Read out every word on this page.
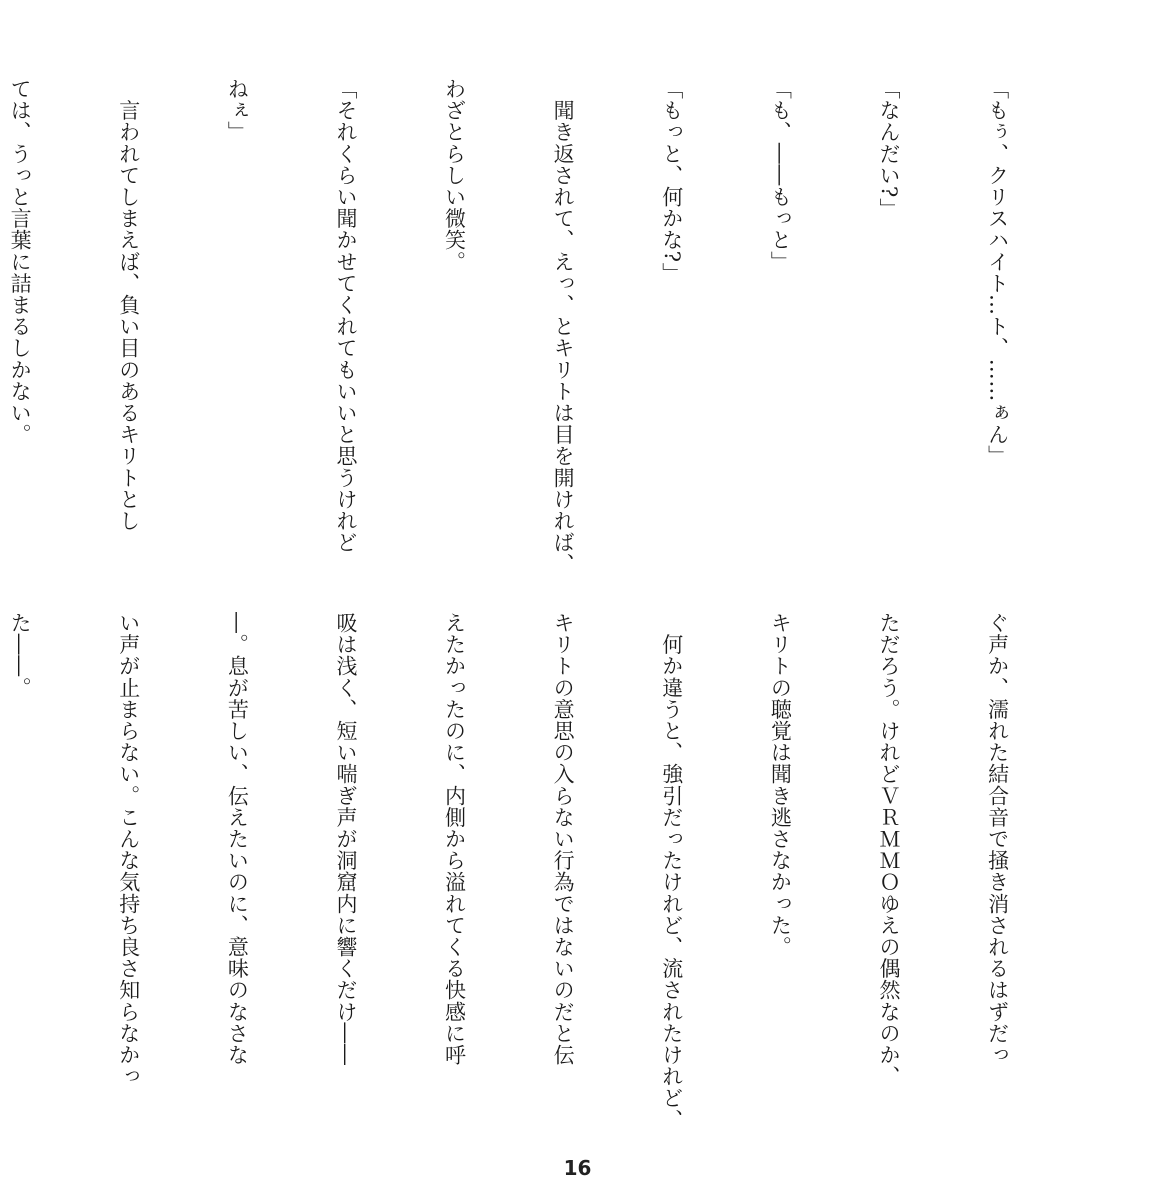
「もぅ、クリスハイト…ト、……ぁん」

「なんだい?」

「も、――もっと」

「もっと、何かな?」

　聞き返されて、えっ、とキリトは目を開ければ、

わざとらしい微笑。

「それくらい聞かせてくれてもいいと思うけれど

ねぇ」

　言われてしまえば、負い目のあるキリトとし

ては、うっと言葉に詰まるしかない。

ぐ声か、濡れた結合音で掻き消されるはずだっ

ただろう。けれどＶＲＭＭＯゆえの偶然なのか、

キリトの聴覚は聞き逃さなかった。

　何か違うと、強引だったけれど、流されたけれど、

キリトの意思の入らない行為ではないのだと伝

えたかったのに、内側から溢れてくる快感に呼

吸は浅く、短い喘ぎ声が洞窟内に響くだけ――

―。息が苦しい、伝えたいのに、意味のなさな

い声が止まらない。こんな気持ち良さ知らなかっ

た――。

16
